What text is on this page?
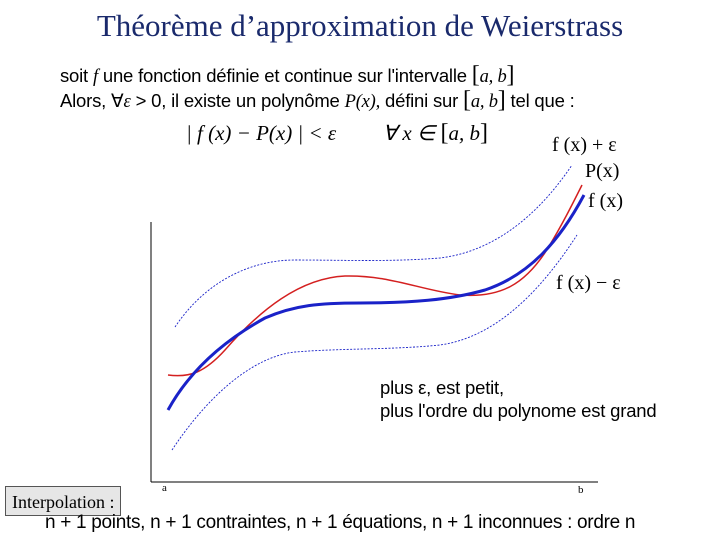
Théorème d’approximation de Weierstrass
soit f une fonction définie et continue sur l'intervalle [a, b]
Alors, ∀ε > 0, il existe un polynôme P(x), défini sur [a, b] tel que :
| f (x) − P(x) | < ε ∀ x ∈ [a, b]	f (x) + ε
P(x)
f (x)
f (x) − ε
a	b
plus ε, est petit,
plus l'ordre du polynome est grand
Interpolation :
n + 1 points, n + 1 contraintes, n + 1 équations, n + 1 inconnues : ordre n
